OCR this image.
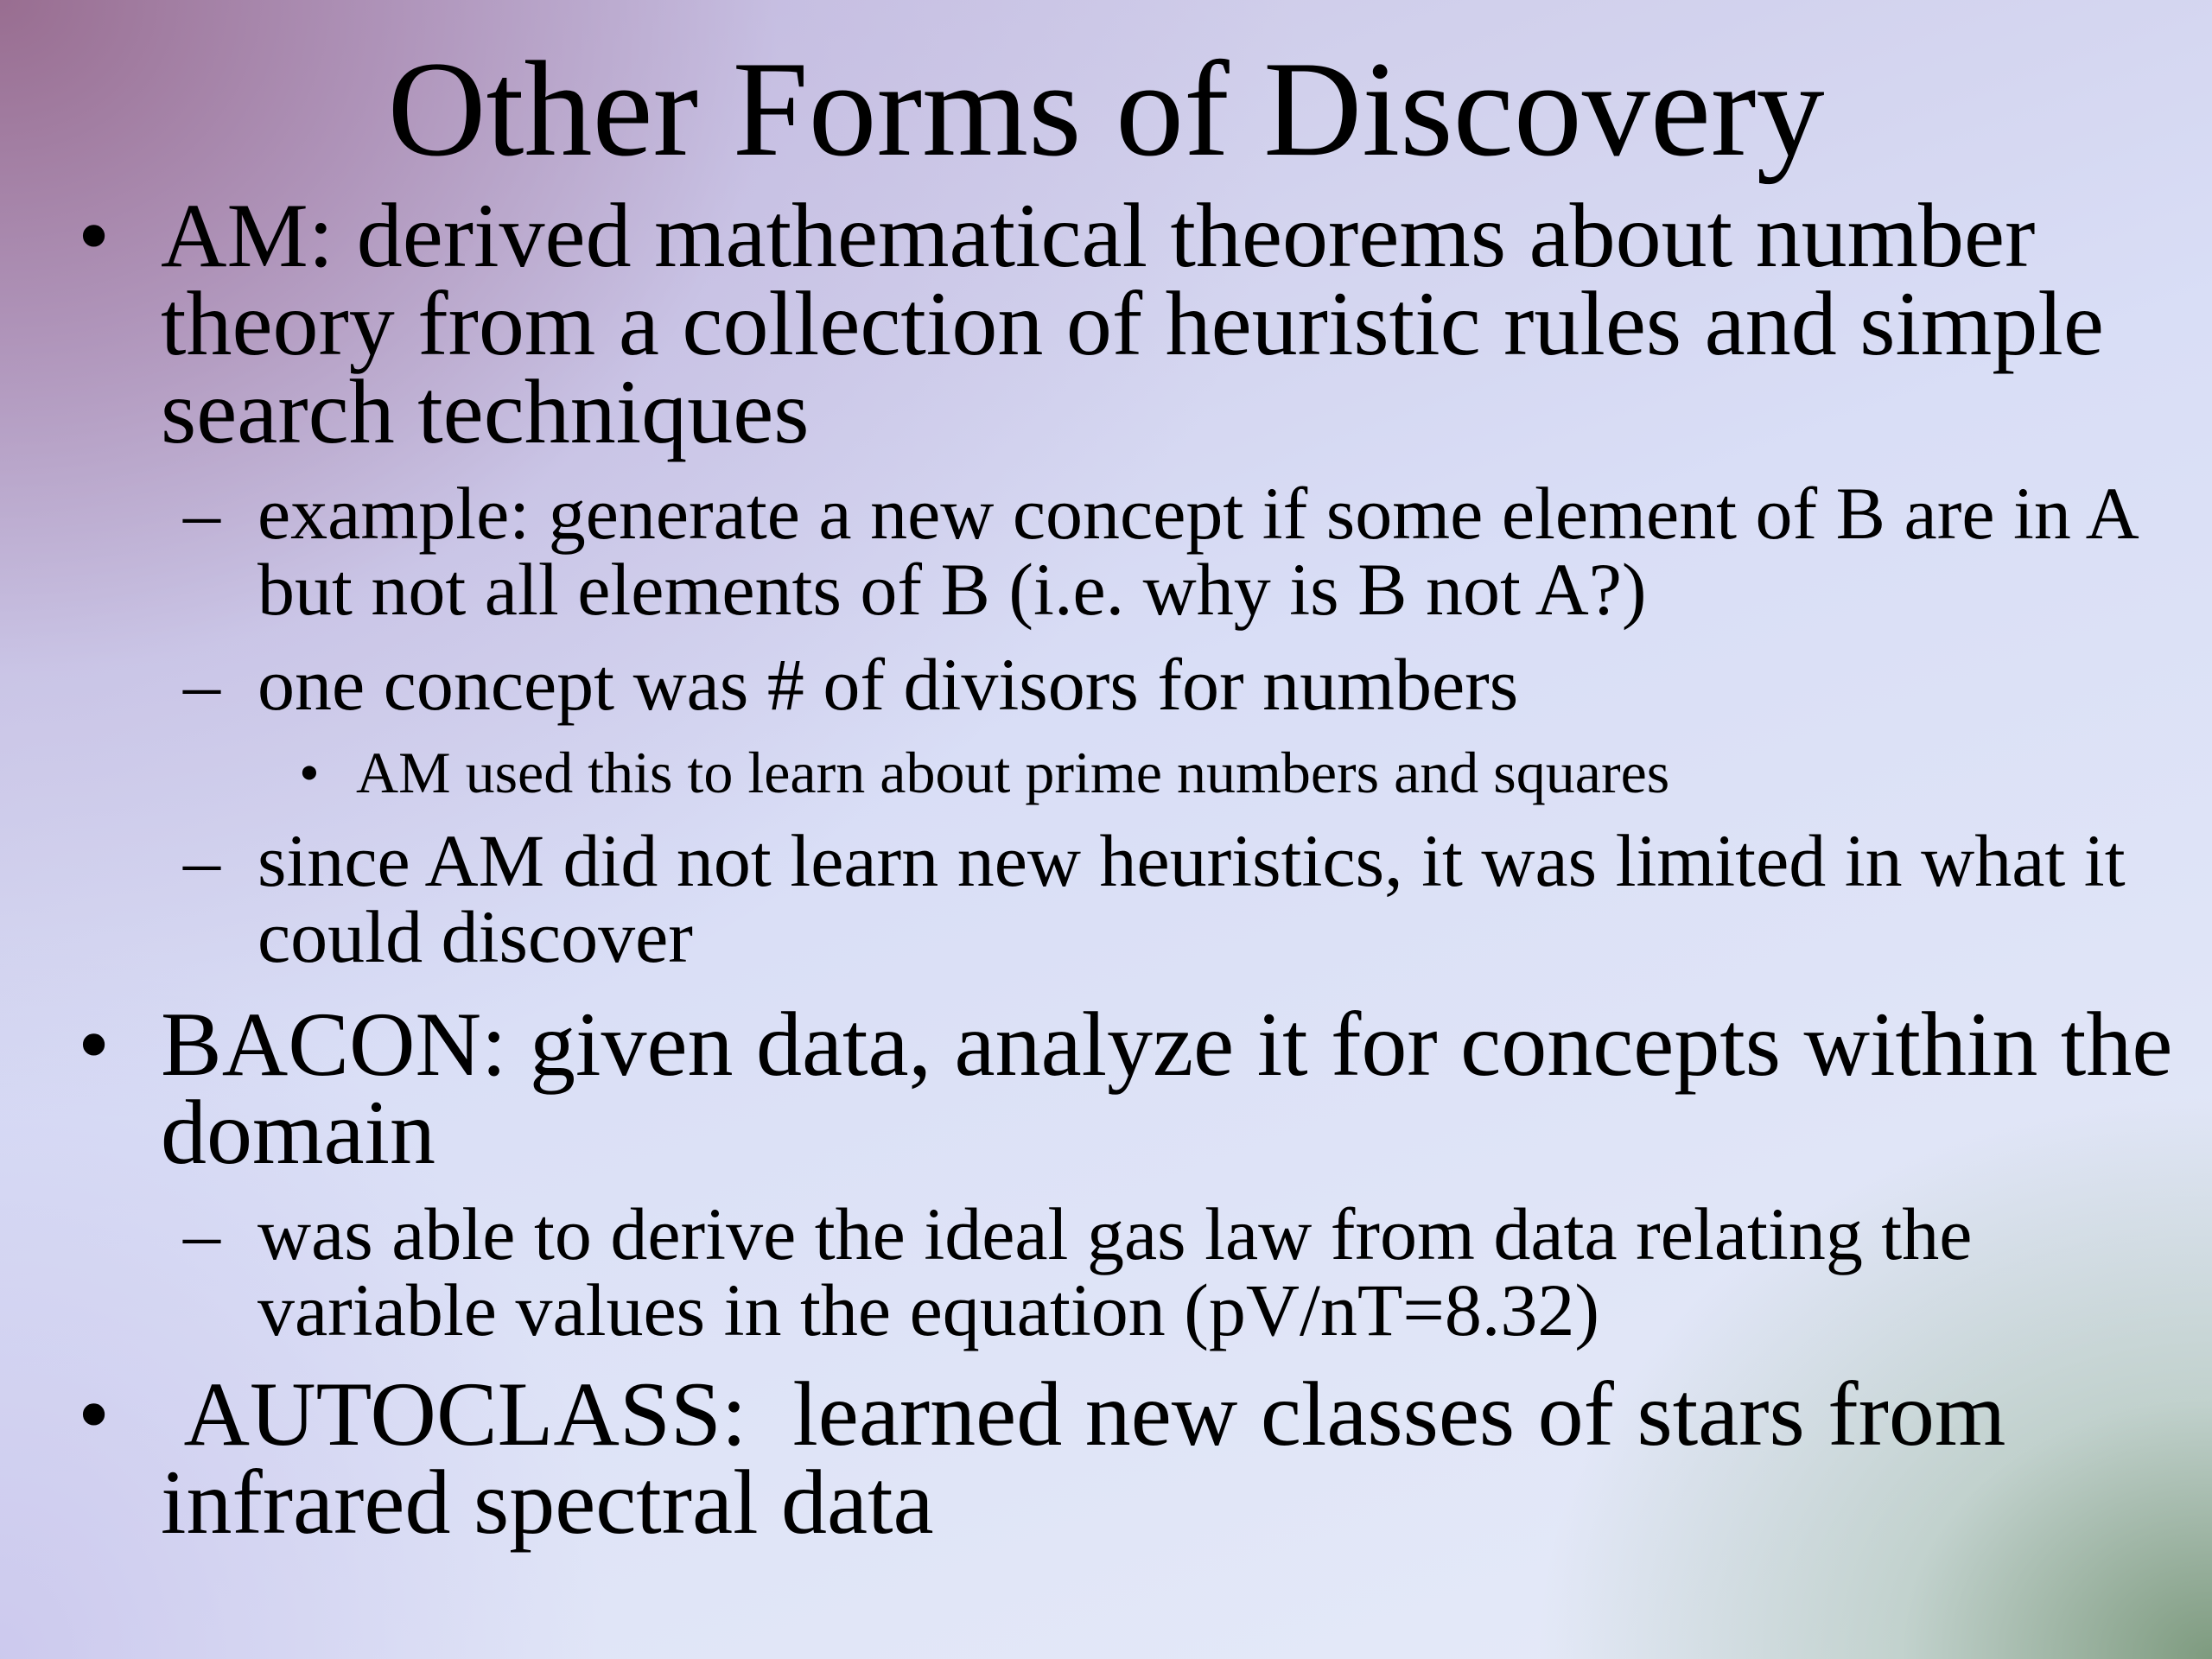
Other Forms of Discovery
• AM: derived mathematical theorems about number theory from a collection of heuristic rules and simple search techniques
– example: generate a new concept if some element of B are in A but not all elements of B (i.e. why is B not A?)
– one concept was # of divisors for numbers
• AM used this to learn about prime numbers and squares
– since AM did not learn new heuristics, it was limited in what it could discover
• BACON: given data, analyze it for concepts within the domain
– was able to derive the ideal gas law from data relating the variable values in the equation (pV/nT=8.32)
• AUTOCLASS:  learned new classes of stars from infrared spectral data
